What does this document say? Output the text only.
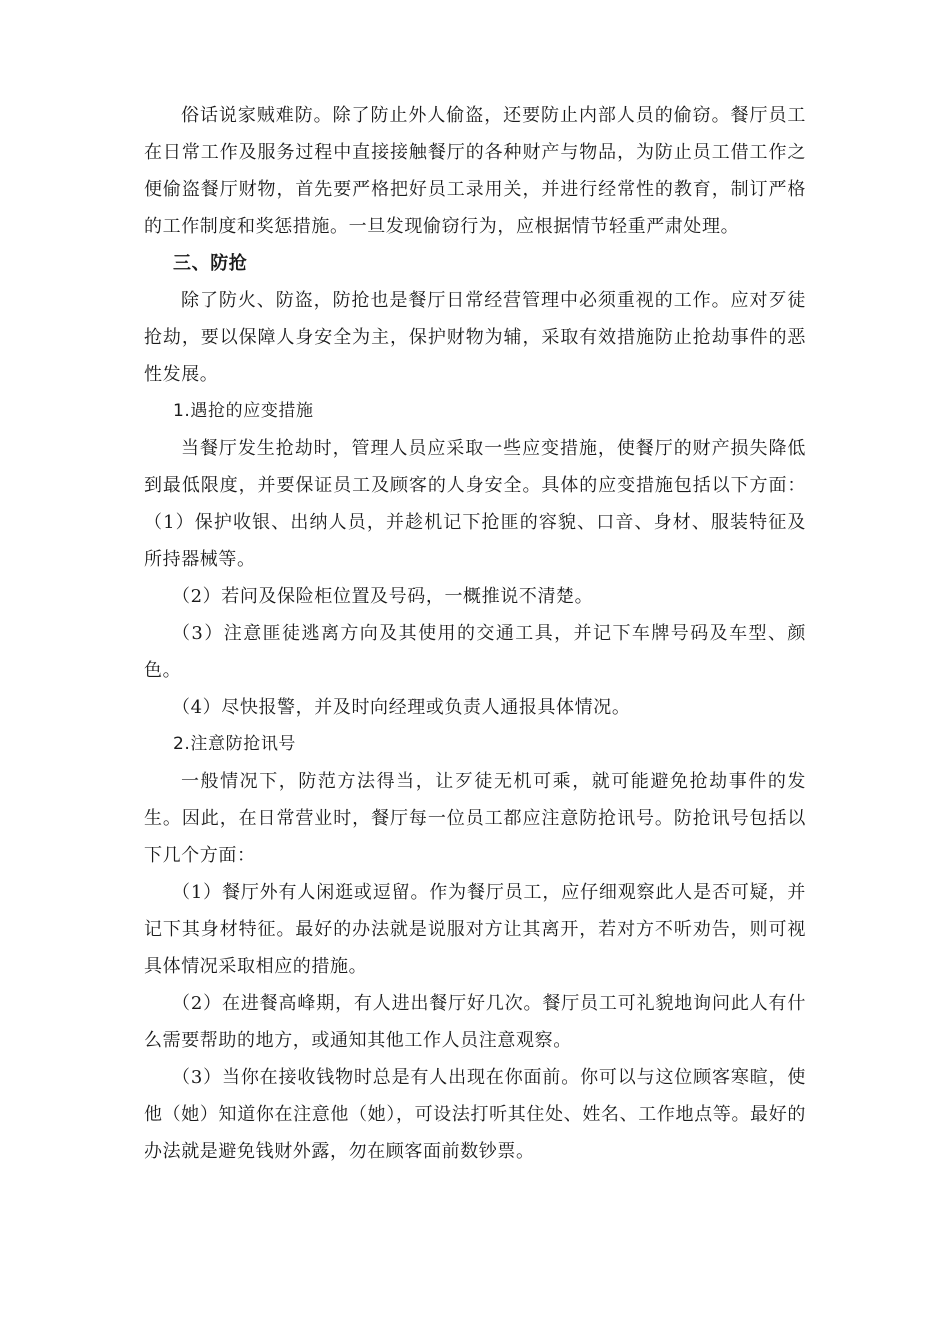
俗话说家贼难防。除了防止外人偷盗，还要防止内部人员的偷窃。餐厅员工在日常工作及服务过程中直接接触餐厅的各种财产与物品，为防止员工借工作之便偷盗餐厅财物，首先要严格把好员工录用关，并进行经常性的教育，制订严格的工作制度和奖惩措施。一旦发现偷窃行为，应根据情节轻重严肃处理。

三、防抢

除了防火、防盗，防抢也是餐厅日常经营管理中必须重视的工作。应对歹徒抢劫，要以保障人身安全为主，保护财物为辅，采取有效措施防止抢劫事件的恶性发展。

1.遇抢的应变措施

当餐厅发生抢劫时，管理人员应采取一些应变措施，使餐厅的财产损失降低到最低限度，并要保证员工及顾客的人身安全。具体的应变措施包括以下方面：（1）保护收银、出纳人员，并趁机记下抢匪的容貌、口音、身材、服装特征及所持器械等。

（2）若问及保险柜位置及号码，一概推说不清楚。

（3）注意匪徒逃离方向及其使用的交通工具，并记下车牌号码及车型、颜色。

（4）尽快报警，并及时向经理或负责人通报具体情况。

2.注意防抢讯号

一般情况下，防范方法得当，让歹徒无机可乘，就可能避免抢劫事件的发生。因此，在日常营业时，餐厅每一位员工都应注意防抢讯号。防抢讯号包括以下几个方面：

（1）餐厅外有人闲逛或逗留。作为餐厅员工，应仔细观察此人是否可疑，并记下其身材特征。最好的办法就是说服对方让其离开，若对方不听劝告，则可视具体情况采取相应的措施。

（2）在进餐高峰期，有人进出餐厅好几次。餐厅员工可礼貌地询问此人有什么需要帮助的地方，或通知其他工作人员注意观察。

（3）当你在接收钱物时总是有人出现在你面前。你可以与这位顾客寒暄，使他（她）知道你在注意他（她），可设法打听其住处、姓名、工作地点等。最好的办法就是避免钱财外露，勿在顾客面前数钞票。
